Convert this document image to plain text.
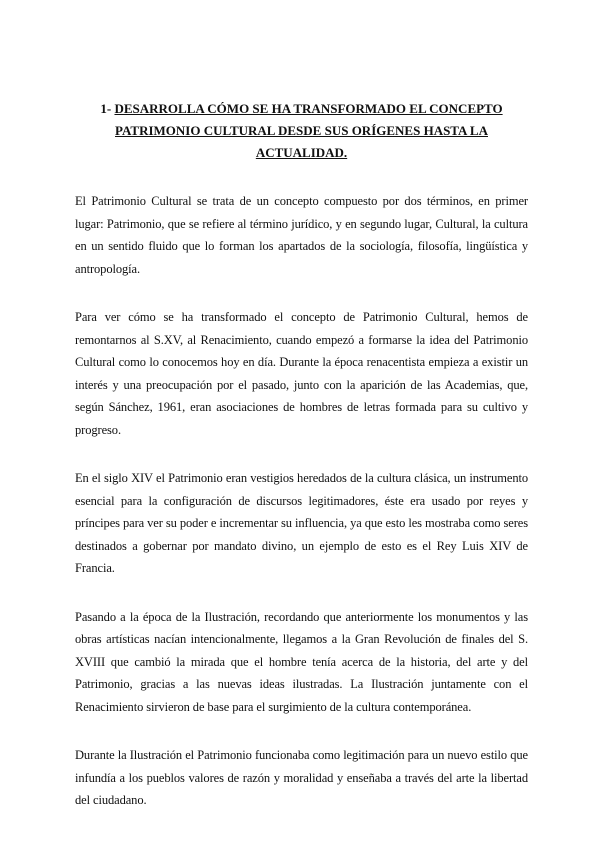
1- DESARROLLA CÓMO SE HA TRANSFORMADO EL CONCEPTO PATRIMONIO CULTURAL DESDE SUS ORÍGENES HASTA LA ACTUALIDAD.

El Patrimonio Cultural se trata de un concepto compuesto por dos términos, en primer lugar: Patrimonio, que se refiere al término jurídico, y en segundo lugar, Cultural, la cultura en un sentido fluido que lo forman los apartados de la sociología, filosofía, lingüística y antropología.

Para ver cómo se ha transformado el concepto de Patrimonio Cultural, hemos de remontarnos al S.XV, al Renacimiento, cuando empezó a formarse la idea del Patrimonio Cultural como lo conocemos hoy en día. Durante la época renacentista empieza a existir un interés y una preocupación por el pasado, junto con la aparición de las Academias, que, según Sánchez, 1961, eran asociaciones de hombres de letras formada para su cultivo y progreso.

En el siglo XIV el Patrimonio eran vestigios heredados de la cultura clásica, un instrumento esencial para la configuración de discursos legitimadores, éste era usado por reyes y príncipes para ver su poder e incrementar su influencia, ya que esto les mostraba como seres destinados a gobernar por mandato divino, un ejemplo de esto es el Rey Luis XIV de Francia.

Pasando a la época de la Ilustración, recordando que anteriormente los monumentos y las obras artísticas nacían intencionalmente, llegamos a la Gran Revolución de finales del S. XVIII que cambió la mirada que el hombre tenía acerca de la historia, del arte y del Patrimonio, gracias a las nuevas ideas ilustradas. La Ilustración juntamente con el Renacimiento sirvieron de base para el surgimiento de la cultura contemporánea.

Durante la Ilustración el Patrimonio funcionaba como legitimación para un nuevo estilo que infundía a los pueblos valores de razón y moralidad y enseñaba a través del arte la libertad del ciudadano.
